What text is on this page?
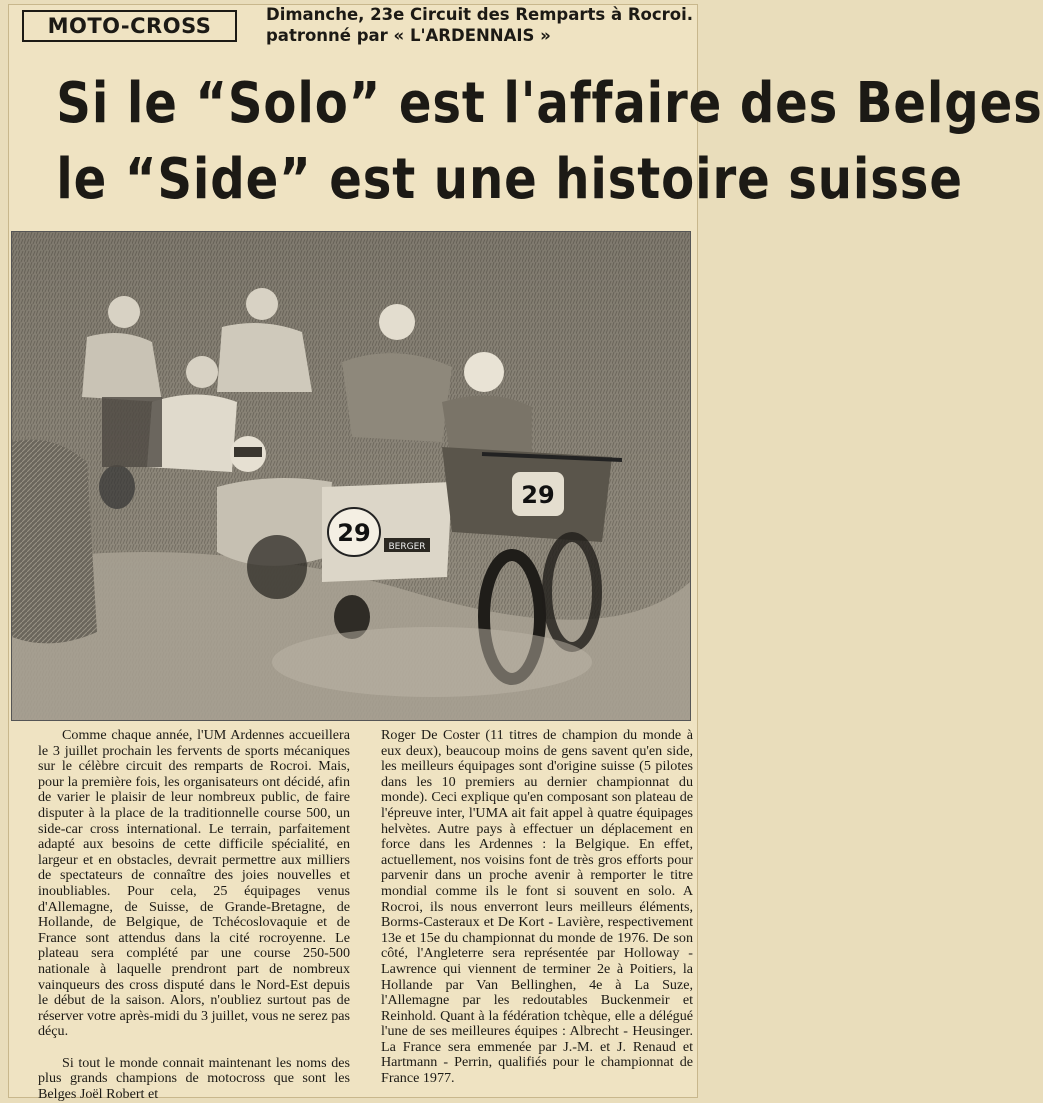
MOTO-CROSS	Dimanche, 23e Circuit des Remparts à Rocroi.
patronné par « L'ARDENNAIS »
Si le “Solo” est l'affaire des Belges
le “Side” est une histoire suisse
29 BERGER
29

Comme chaque année, l'UM Ardennes accueillera le 3 juillet prochain les fervents de sports mécaniques sur le célèbre circuit des remparts de Rocroi. Mais, pour la première fois, les organisateurs ont décidé, afin de varier le plaisir de leur nombreux public, de faire disputer à la place de la traditionnelle course 500, un side-car cross international. Le terrain, parfaitement adapté aux besoins de cette difficile spécialité, en largeur et en obstacles, devrait permettre aux milliers de spectateurs de connaître des joies nouvelles et inoubliables. Pour cela, 25 équipages venus d'Allemagne, de Suisse, de Grande-Bretagne, de Hollande, de Belgique, de Tchécoslovaquie et de France sont attendus dans la cité rocroyenne. Le plateau sera complété par une course 250-500 nationale à laquelle prendront part de nombreux vainqueurs des cross disputé dans le Nord-Est depuis le début de la saison. Alors, n'oubliez surtout pas de réserver votre après-midi du 3 juillet, vous ne serez pas déçu.

Si tout le monde connait maintenant les noms des plus grands champions de motocross que sont les Belges Joël Robert et

Roger De Coster (11 titres de champion du monde à eux deux), beaucoup moins de gens savent qu'en side, les meilleurs équipages sont d'origine suisse (5 pilotes dans les 10 premiers au dernier championnat du monde). Ceci explique qu'en composant son plateau de l'épreuve inter, l'UMA ait fait appel à quatre équipages helvètes. Autre pays à effectuer un déplacement en force dans les Ardennes : la Belgique. En effet, actuellement, nos voisins font de très gros efforts pour parvenir dans un proche avenir à remporter le titre mondial comme ils le font si souvent en solo. A Rocroi, ils nous enverront leurs meilleurs éléments, Borms-Casteraux et De Kort - Lavière, respectivement 13e et 15e du championnat du monde de 1976. De son côté, l'Angleterre sera représentée par Holloway - Lawrence qui viennent de terminer 2e à Poitiers, la Hollande par Van Bellinghen, 4e à La Suze, l'Allemagne par les redoutables Buckenmeir et Reinhold. Quant à la fédération tchèque, elle a délégué l'une de ses meilleures équipes : Albrecht - Heusinger. La France sera emmenée par J.-M. et J. Renaud et Hartmann - Perrin, qualifiés pour le championnat de France 1977.
